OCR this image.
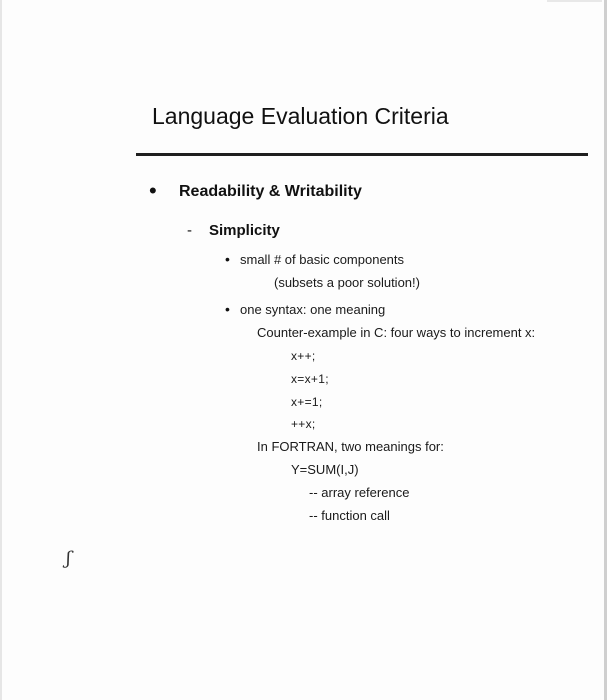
Language Evaluation Criteria
• Readability & Writability
- Simplicity
• small # of basic components
(subsets a poor solution!)
• one syntax: one meaning
Counter-example in C: four ways to increment x:
x++;
x=x+1;
x+=1;
++x;
In FORTRAN, two meanings for:
Y=SUM(I,J)
-- array reference
-- function call
ʃ
